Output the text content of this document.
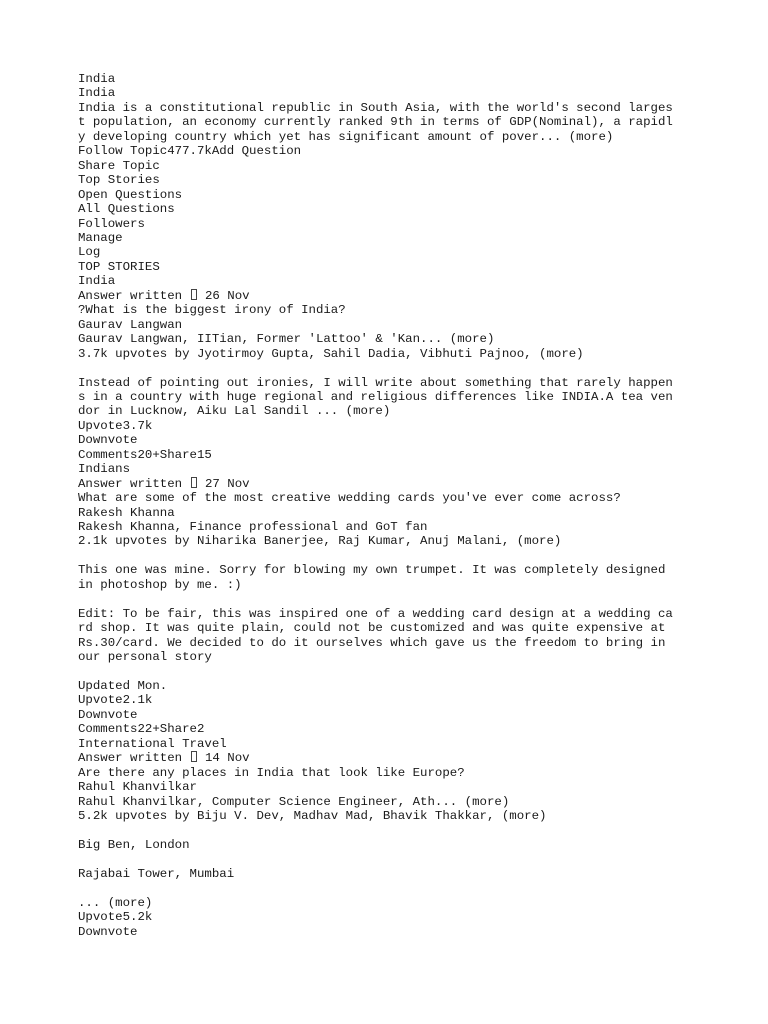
India
India
India is a constitutional republic in South Asia, with the world's second larges
t population, an economy currently ranked 9th in terms of GDP(Nominal), a rapidl
y developing country which yet has significant amount of pover... (more)
Follow Topic477.7kAdd Question
Share Topic
Top Stories
Open Questions
All Questions
Followers
Manage
Log
TOP STORIES
India
Answer written 26 Nov
?What is the biggest irony of India?
Gaurav Langwan
Gaurav Langwan, IITian, Former 'Lattoo' & 'Kan... (more)
3.7k upvotes by Jyotirmoy Gupta, Sahil Dadia, Vibhuti Pajnoo, (more)
Instead of pointing out ironies, I will write about something that rarely happen
s in a country with huge regional and religious differences like INDIA.A tea ven
dor in Lucknow, Aiku Lal Sandil ... (more)
Upvote3.7k
Downvote
Comments20+Share15
Indians
Answer written 27 Nov
What are some of the most creative wedding cards you've ever come across?
Rakesh Khanna
Rakesh Khanna, Finance professional and GoT fan
2.1k upvotes by Niharika Banerjee, Raj Kumar, Anuj Malani, (more)
This one was mine. Sorry for blowing my own trumpet. It was completely designed
in photoshop by me. :)
Edit: To be fair, this was inspired one of a wedding card design at a wedding ca
rd shop. It was quite plain, could not be customized and was quite expensive at
Rs.30/card. We decided to do it ourselves which gave us the freedom to bring in
our personal story
Updated Mon.
Upvote2.1k
Downvote
Comments22+Share2
International Travel
Answer written 14 Nov
Are there any places in India that look like Europe?
Rahul Khanvilkar
Rahul Khanvilkar, Computer Science Engineer, Ath... (more)
5.2k upvotes by Biju V. Dev, Madhav Mad, Bhavik Thakkar, (more)
Big Ben, London
Rajabai Tower, Mumbai
... (more)
Upvote5.2k
Downvote
